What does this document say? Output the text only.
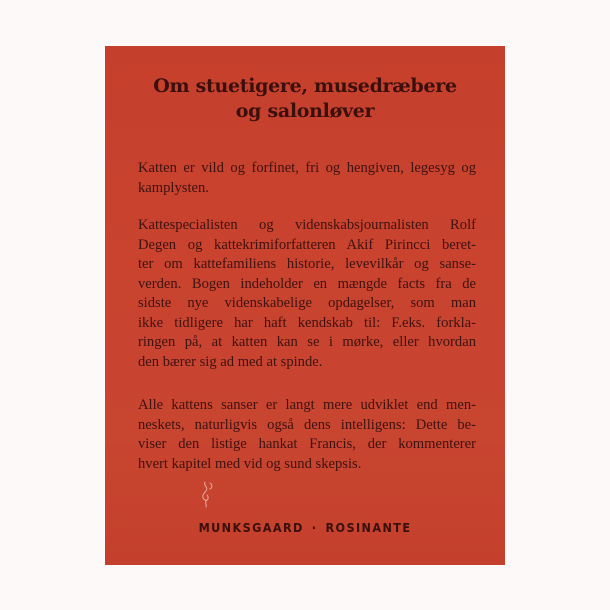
Om stuetigere, musedræbere
og salonløver
Katten er vild og forfinet, fri og hengiven, legesyg og
kamplysten.
Kattespecialisten og videnskabsjournalisten Rolf
Degen og kattekrimiforfatteren Akif Pirincci beret-
ter om kattefamiliens historie, levevilkår og sanse-
verden. Bogen indeholder en mængde facts fra de
sidste nye videnskabelige opdagelser, som man
ikke tidligere har haft kendskab til: F.eks. forkla-
ringen på, at katten kan se i mørke, eller hvordan
den bærer sig ad med at spinde.
Alle kattens sanser er langt mere udviklet end men-
neskets, naturligvis også dens intelligens: Dette be-
viser den listige hankat Francis, der kommenterer
hvert kapitel med vid og sund skepsis.
MUNKSGAARD · ROSINANTE
